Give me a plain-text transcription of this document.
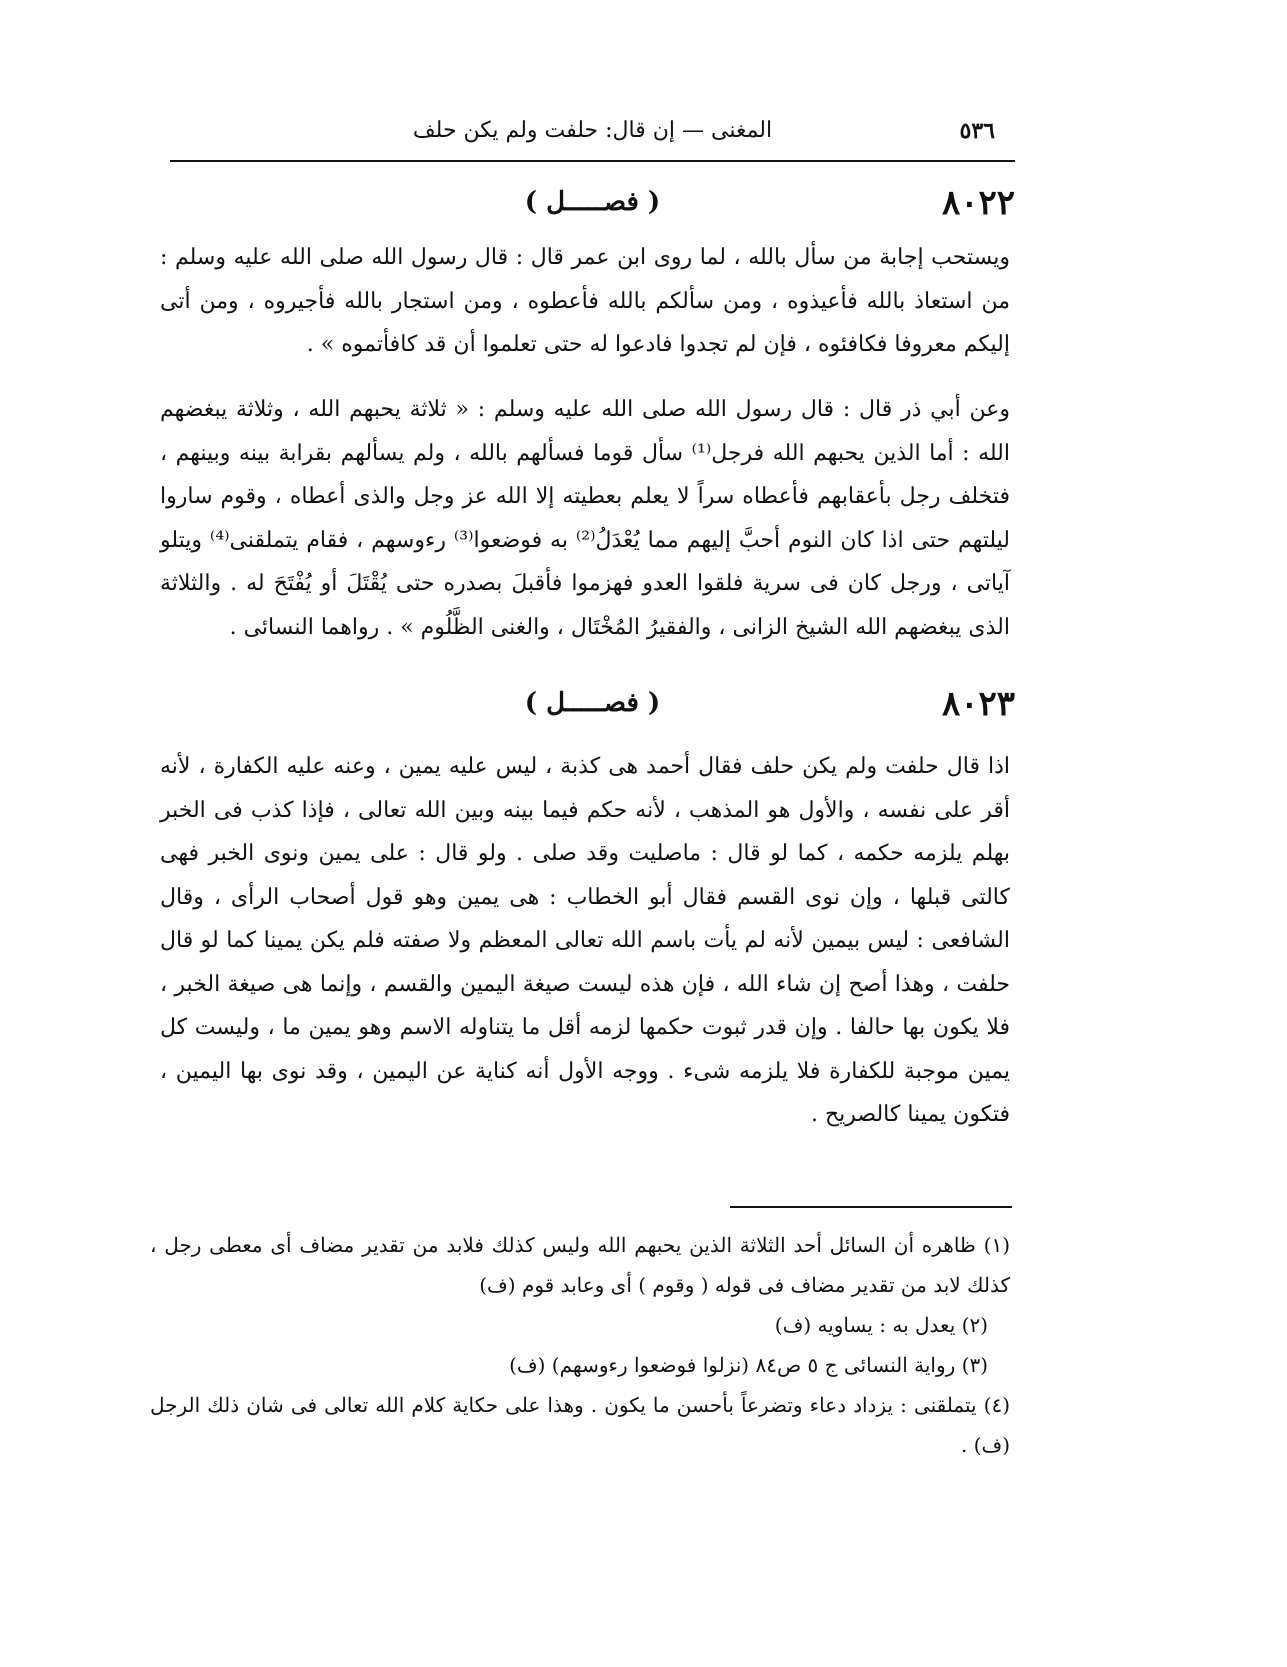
٥٣٦
المغنى — إن قال: حلفت ولم يكن حلف
٨٠٢٢
( فصـــــل )

ويستحب إجابة من سأل بالله ، لما روى ابن عمر قال : قال رسول الله صلى الله عليه وسلم : من استعاذ بالله فأعيذوه ، ومن سألكم بالله فأعطوه ، ومن استجار بالله فأجيروه ، ومن أتى إليكم معروفا فكافئوه ، فإن لم تجدوا فادعوا له حتى تعلموا أن قد كافأتموه » .

وعن أبي ذر قال : قال رسول الله صلى الله عليه وسلم : « ثلاثة يحبهم الله ، وثلاثة يبغضهم الله : أما الذين يحبهم الله فرجل⁽¹⁾ سأل قوما فسألهم بالله ، ولم يسألهم بقرابة بينه وبينهم ، فتخلف رجل بأعقابهم فأعطاه سراً لا يعلم بعطيته إلا الله عز وجل والذى أعطاه ، وقوم ساروا ليلتهم حتى اذا كان النوم أحبَّ إليهم مما يُعْدَلُ⁽²⁾ به فوضعوا⁽³⁾ رءوسهم ، فقام يتملقنى⁽⁴⁾ ويتلو آياتى ، ورجل كان فى سرية فلقوا العدو فهزموا فأقبلَ بصدره حتى يُقْتَلَ أو يُفْتَحَ له . والثلاثة الذى يبغضهم الله الشيخ الزانى ، والفقيرُ المُخْتَال ، والغنى الظَّلُوم » . رواهما النسائى .

٨٠٢٣
( فصـــــل )

اذا قال حلفت ولم يكن حلف فقال أحمد هى كذبة ، ليس عليه يمين ، وعنه عليه الكفارة ، لأنه أقر على نفسه ، والأول هو المذهب ، لأنه حكم فيما بينه وبين الله تعالى ، فإذا كذب فى الخبر بهلم يلزمه حكمه ، كما لو قال : ماصليت وقد صلى . ولو قال : على يمين ونوى الخبر فهى كالتى قبلها ، وإن نوى القسم فقال أبو الخطاب : هى يمين وهو قول أصحاب الرأى ، وقال الشافعى : ليس بيمين لأنه لم يأت باسم الله تعالى المعظم ولا صفته فلم يكن يمينا كما لو قال حلفت ، وهذا أصح إن شاء الله ، فإن هذه ليست صيغة اليمين والقسم ، وإنما هى صيغة الخبر ، فلا يكون بها حالفا . وإن قدر ثبوت حكمها لزمه أقل ما يتناوله الاسم وهو يمين ما ، وليست كل يمين موجبة للكفارة فلا يلزمه شىء . ووجه الأول أنه كناية عن اليمين ، وقد نوى بها اليمين ، فتكون يمينا كالصريح .

(١) ظاهره أن السائل أحد الثلاثة الذين يحبهم الله وليس كذلك فلابد من تقدير مضاف أى معطى رجل ، كذلك لابد من تقدير مضاف فى قوله ( وقوم ) أى وعابد قوم (ف)

(٢) يعدل به : يساويه (ف)

(٣) رواية النسائى ج ٥ ص٨٤ (نزلوا فوضعوا رءوسهم) (ف)

(٤) يتملقنى : يزداد دعاء وتضرعاً بأحسن ما يكون . وهذا على حكاية كلام الله تعالى فى شان ذلك الرجل (ف) .
